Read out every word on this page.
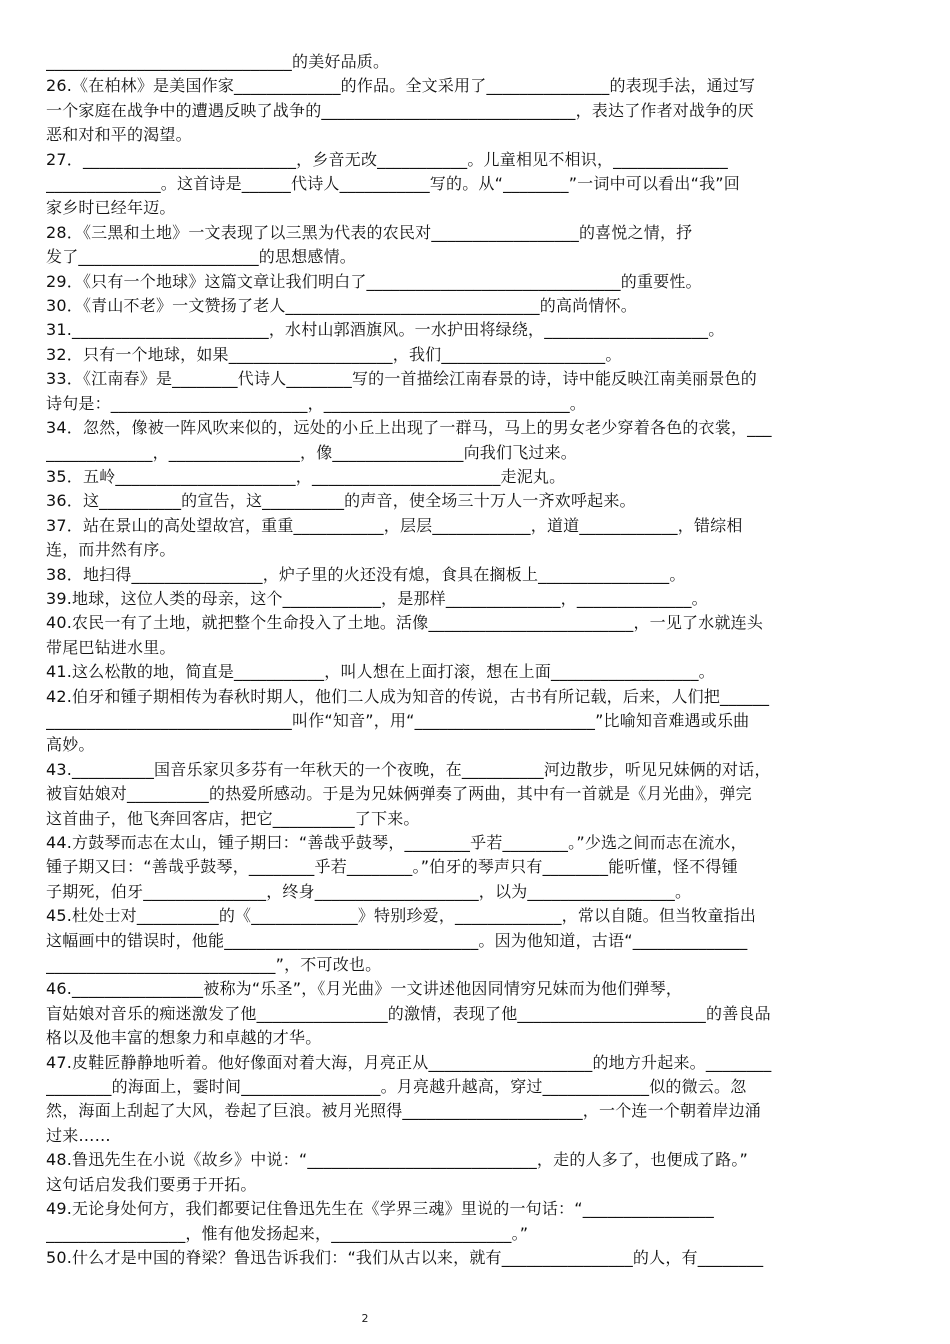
______________________________的美好品质。
26.《在柏林》是美国作家_____________的作品。全文采用了_______________的表现手法，通过写
一个家庭在战争中的遭遇反映了战争的_______________________________，表达了作者对战争的厌
恶和对和平的渴望。
27．__________________________，乡音无改___________。儿童相见不相识，______________
______________。这首诗是______代诗人___________写的。从“________”一词中可以看出“我”回
家乡时已经年迈。
28．《三黑和土地》一文表现了以三黑为代表的农民对__________________的喜悦之情，抒
发了______________________的思想感情。
29．《只有一个地球》这篇文章让我们明白了_______________________________的重要性。
30．《青山不老》一文赞扬了老人_______________________________的高尚情怀。
31.________________________，水村山郭酒旗风。一水护田将绿绕，____________________。
32．只有一个地球，如果____________________，我们____________________。
33．《江南春》是________代诗人________写的一首描绘江南春景的诗，诗中能反映江南美丽景色的
诗句是：________________________，______________________________。
34．忽然，像被一阵风吹来似的，远处的小丘上出现了一群马，马上的男女老少穿着各色的衣裳，___
_____________，________________，像________________向我们飞过来。
35．五岭______________________，_______________________走泥丸。
36．这__________的宣告，这__________的声音，使全场三十万人一齐欢呼起来。
37．站在景山的高处望故宫，重重___________，层层____________，道道____________，错综相
连，而井然有序。
38．地扫得________________，炉子里的火还没有熄，食具在搁板上________________。
39.地球，这位人类的母亲，这个____________，是那样______________，______________。
40.农民一有了土地，就把整个生命投入了土地。活像_________________________，一见了水就连头
带尾巴钻进水里。
41.这么松散的地，简直是___________，叫人想在上面打滚，想在上面__________________。
42.伯牙和锺子期相传为春秋时期人，他们二人成为知音的传说，古书有所记载，后来，人们把______
______________________________叫作“知音”，用“______________________”比喻知音难遇或乐曲
高妙。
43.__________国音乐家贝多芬有一年秋天的一个夜晚，在__________河边散步，听见兄妹俩的对话，
被盲姑娘对__________的热爱所感动。于是为兄妹俩弹奏了两曲，其中有一首就是《月光曲》，弹完
这首曲子，他飞奔回客店，把它__________了下来。
44.方鼓琴而志在太山，锺子期曰：“善哉乎鼓琴，________乎若________。”少选之间而志在流水，
锺子期又曰：“善哉乎鼓琴，________乎若________。”伯牙的琴声只有________能听懂，怪不得锺
子期死，伯牙_______________，终身____________________，以为__________________。
45.杜处士对__________的《_____________》特别珍爱，_____________，常以自随。但当牧童指出
这幅画中的错误时，他能_______________________________。因为他知道，古语“______________
____________________________”，不可改也。
46.________________被称为“乐圣”，《月光曲》一文讲述他因同情穷兄妹而为他们弹琴，
盲姑娘对音乐的痴迷激发了他________________的激情，表现了他_______________________的善良品
格以及他丰富的想象力和卓越的才华。
47.皮鞋匠静静地听着。他好像面对着大海，月亮正从____________________的地方升起来。________
________的海面上，霎时间_________________。月亮越升越高，穿过_____________似的微云。忽
然，海面上刮起了大风，卷起了巨浪。被月光照得______________________，一个连一个朝着岸边涌
过来……
48.鲁迅先生在小说《故乡》中说：“____________________________，走的人多了，也便成了路。”
这句话启发我们要勇于开拓。
49.无论身处何方，我们都要记住鲁迅先生在《学界三魂》里说的一句话：“________________
_________________，惟有他发扬起来，______________________。”
50.什么才是中国的脊梁？鲁迅告诉我们：“我们从古以来，就有________________的人，有________
2
